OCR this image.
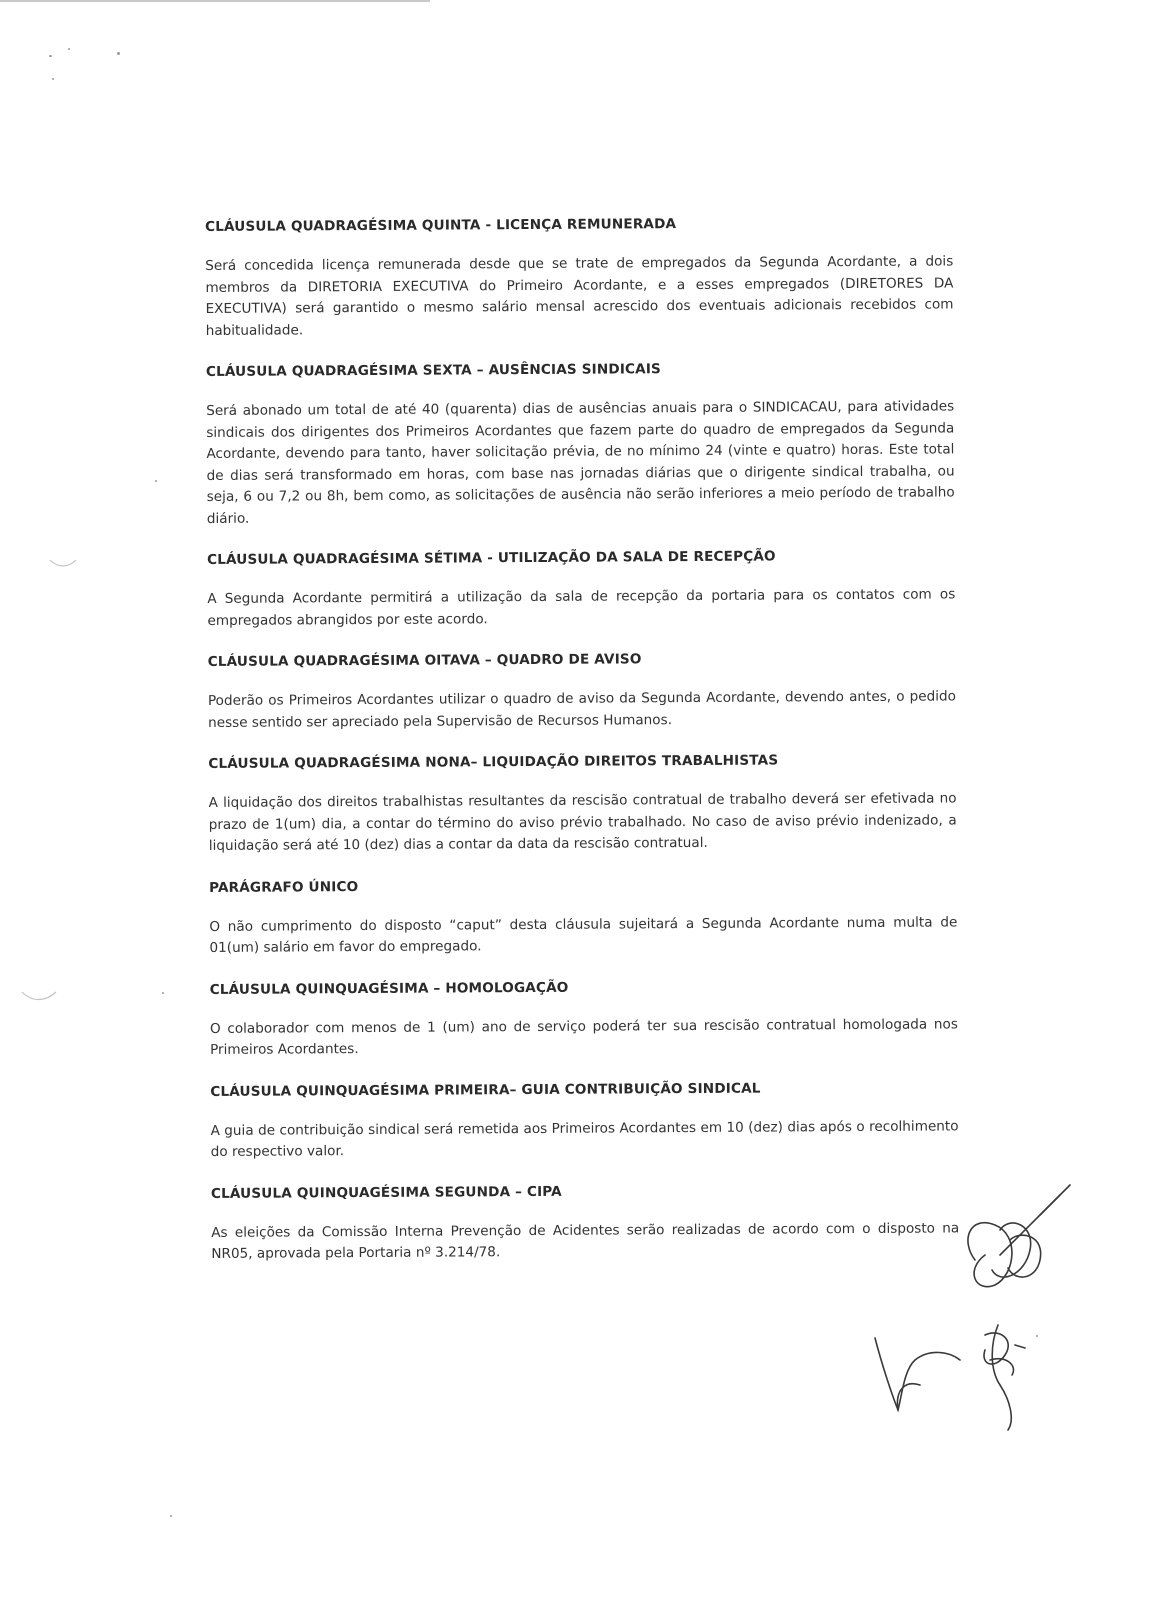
CLÁUSULA QUADRAGÉSIMA QUINTA - LICENÇA REMUNERADA

Será concedida licença remunerada desde que se trate de empregados da Segunda Acordante, a dois membros da DIRETORIA EXECUTIVA do Primeiro Acordante, e a esses empregados (DIRETORES DA EXECUTIVA) será garantido o mesmo salário mensal acrescido dos eventuais adicionais recebidos com habitualidade.

CLÁUSULA QUADRAGÉSIMA SEXTA – AUSÊNCIAS SINDICAIS

Será abonado um total de até 40 (quarenta) dias de ausências anuais para o SINDICACAU, para atividades sindicais dos dirigentes dos Primeiros Acordantes que fazem parte do quadro de empregados da Segunda Acordante, devendo para tanto, haver solicitação prévia, de no mínimo 24 (vinte e quatro) horas. Este total de dias será transformado em horas, com base nas jornadas diárias que o dirigente sindical trabalha, ou seja, 6 ou 7,2 ou 8h, bem como, as solicitações de ausência não serão inferiores a meio período de trabalho diário.

CLÁUSULA QUADRAGÉSIMA SÉTIMA - UTILIZAÇÃO DA SALA DE RECEPÇÃO

A Segunda Acordante permitirá a utilização da sala de recepção da portaria para os contatos com os empregados abrangidos por este acordo.

CLÁUSULA QUADRAGÉSIMA OITAVA – QUADRO DE AVISO

Poderão os Primeiros Acordantes utilizar o quadro de aviso da Segunda Acordante, devendo antes, o pedido nesse sentido ser apreciado pela Supervisão de Recursos Humanos.

CLÁUSULA QUADRAGÉSIMA NONA– LIQUIDAÇÃO DIREITOS TRABALHISTAS

A liquidação dos direitos trabalhistas resultantes da rescisão contratual de trabalho deverá ser efetivada no prazo de 1(um) dia, a contar do término do aviso prévio trabalhado. No caso de aviso prévio indenizado, a liquidação será até 10 (dez) dias a contar da data da rescisão contratual.

PARÁGRAFO ÚNICO

O não cumprimento do disposto “caput” desta cláusula sujeitará a Segunda Acordante numa multa de 01(um) salário em favor do empregado.

CLÁUSULA QUINQUAGÉSIMA – HOMOLOGAÇÃO

O colaborador com menos de 1 (um) ano de serviço poderá ter sua rescisão contratual homologada nos Primeiros Acordantes.

CLÁUSULA QUINQUAGÉSIMA PRIMEIRA– GUIA CONTRIBUIÇÃO SINDICAL

A guia de contribuição sindical será remetida aos Primeiros Acordantes em 10 (dez) dias após o recolhimento do respectivo valor.

CLÁUSULA QUINQUAGÉSIMA SEGUNDA – CIPA

As eleições da Comissão Interna Prevenção de Acidentes serão realizadas de acordo com o disposto na NR05, aprovada pela Portaria nº 3.214/78.
